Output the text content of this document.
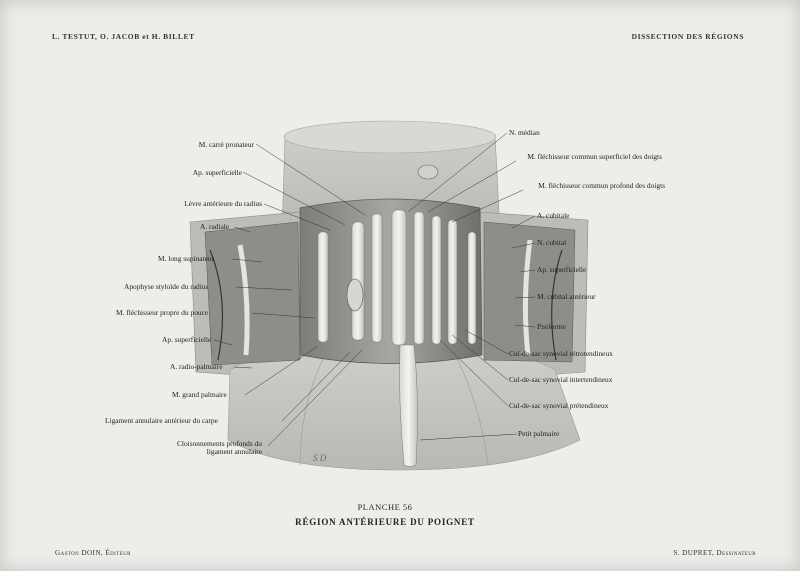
L. TESTUT, O. JACOB et H. BILLET	DISSECTION DES RÉGIONS
M. carré pronateur
Ap. superficielle
Lèvre antérieure du radius
A. radiale
M. long supinateur
Apophyse styloïde du radius
M. fléchisseur propre du pouce
Ap. superficielle
A. radio-palmaire
M. grand palmaire
Ligament annulaire antérieur du carpe
Cloisonnements profonds du ligament annulaire
N. médian
M. fléchisseur commun superficiel des doigts
M. fléchisseur commun profond des doigts
A. cubitale
N. cubital
Ap. superficielle
M. cubital antérieur
Pisiforme
Cul-de-sac synovial rétrotendineux
Cul-de-sac synovial intertendineux
Cul-de-sac synovial prétendineux
Petit palmaire
S D
PLANCHE 56
RÉGION ANTÉRIEURE DU POIGNET
Gaston DOIN, Éditeur	S. DUPRET, Dessinateur
